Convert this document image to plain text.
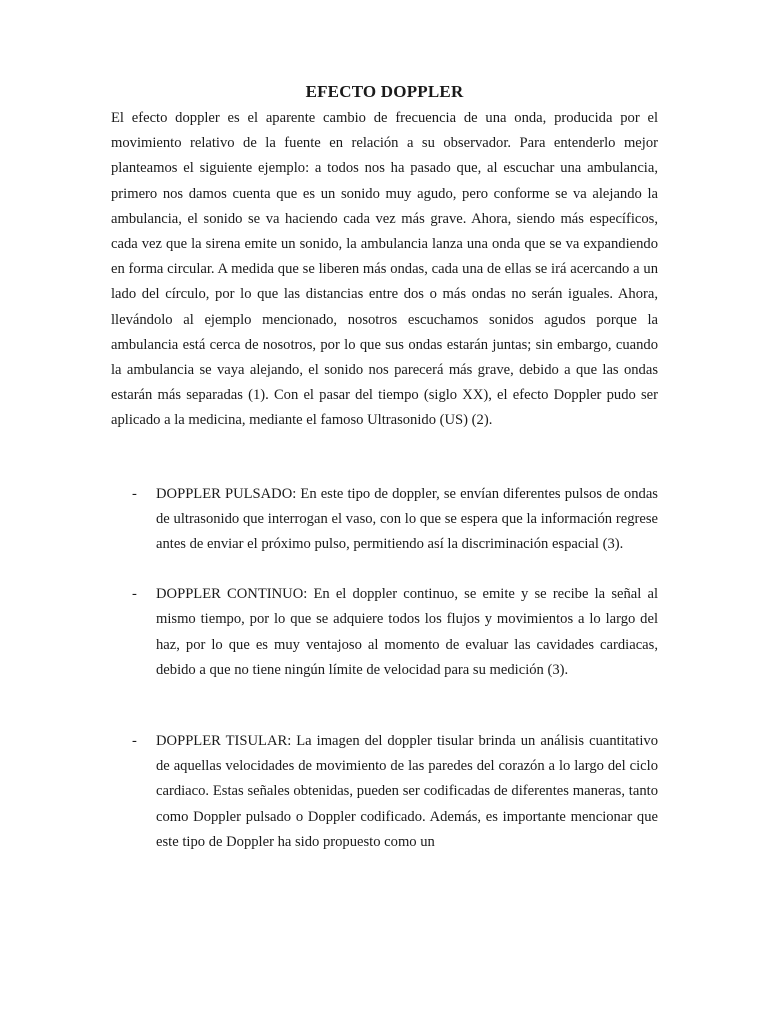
EFECTO DOPPLER

El efecto doppler es el aparente cambio de frecuencia de una onda, producida por el movimiento relativo de la fuente en relación a su observador. Para entenderlo mejor planteamos el siguiente ejemplo: a todos nos ha pasado que, al escuchar una ambulancia, primero nos damos cuenta que es un sonido muy agudo, pero conforme se va alejando la ambulancia, el sonido se va haciendo cada vez más grave. Ahora, siendo más específicos, cada vez que la sirena emite un sonido, la ambulancia lanza una onda que se va expandiendo en forma circular. A medida que se liberen más ondas, cada una de ellas se irá acercando a un lado del círculo, por lo que las distancias entre dos o más ondas no serán iguales. Ahora, llevándolo al ejemplo mencionado, nosotros escuchamos sonidos agudos porque la ambulancia está cerca de nosotros, por lo que sus ondas estarán juntas; sin embargo, cuando la ambulancia se vaya alejando, el sonido nos parecerá más grave, debido a que las ondas estarán más separadas (1). Con el pasar del tiempo (siglo XX), el efecto Doppler pudo ser aplicado a la medicina, mediante el famoso Ultrasonido (US) (2).

- DOPPLER PULSADO: En este tipo de doppler, se envían diferentes pulsos de ondas de ultrasonido que interrogan el vaso, con lo que se espera que la información regrese antes de enviar el próximo pulso, permitiendo así la discriminación espacial (3).
- DOPPLER CONTINUO: En el doppler continuo, se emite y se recibe la señal al mismo tiempo, por lo que se adquiere todos los flujos y movimientos a lo largo del haz, por lo que es muy ventajoso al momento de evaluar las cavidades cardiacas, debido a que no tiene ningún límite de velocidad para su medición (3).
- DOPPLER TISULAR: La imagen del doppler tisular brinda un análisis cuantitativo de aquellas velocidades de movimiento de las paredes del corazón a lo largo del ciclo cardiaco. Estas señales obtenidas, pueden ser codificadas de diferentes maneras, tanto como Doppler pulsado o Doppler codificado. Además, es importante mencionar que este tipo de Doppler ha sido propuesto como un
